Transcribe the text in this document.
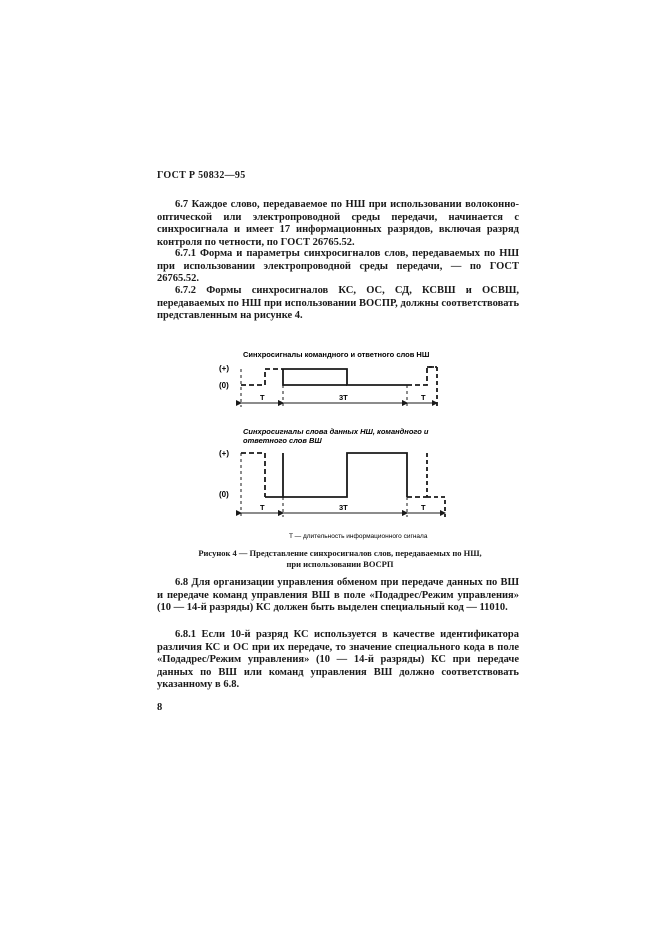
ГОСТ Р 50832—95

6.7 Каждое слово, передаваемое по НШ при использовании волоконно-оптической или электропроводной среды передачи, начинается с синхросигнала и имеет 17 информационных разрядов, включая разряд контроля по четности, по ГОСТ 26765.52.

6.7.1 Форма и параметры синхросигналов слов, передаваемых по НШ при использовании электропроводной среды передачи, — по ГОСТ 26765.52.

6.7.2 Формы синхросигналов КС, ОС, СД, КСВШ и ОСВШ, передаваемых по НШ при использовании ВОСПР, должны соответствовать представленным на рисунке 4.

Синхросигналы командного и ответного слов НШ
(+)
(0)
T	3T	T
Синхросигналы слова данных НШ, командного и
ответного слов ВШ
(+)
(0)
T	3T	T
T — длительность информационного сигнала
Рисунок 4 — Представление синхросигналов слов, передаваемых по НШ,
при использовании ВОСРП

6.8 Для организации управления обменом при передаче данных по ВШ и передаче команд управления ВШ в поле «Подадрес/Режим управления» (10 — 14-й разряды) КС должен быть выделен специальный код — 11010.

6.8.1 Если 10-й разряд КС используется в качестве идентификатора различия КС и ОС при их передаче, то значение специального кода в поле «Подадрес/Режим управления» (10 — 14-й разряды) КС при передаче данных по ВШ или команд управления ВШ должно соответствовать указанному в 6.8.

8
